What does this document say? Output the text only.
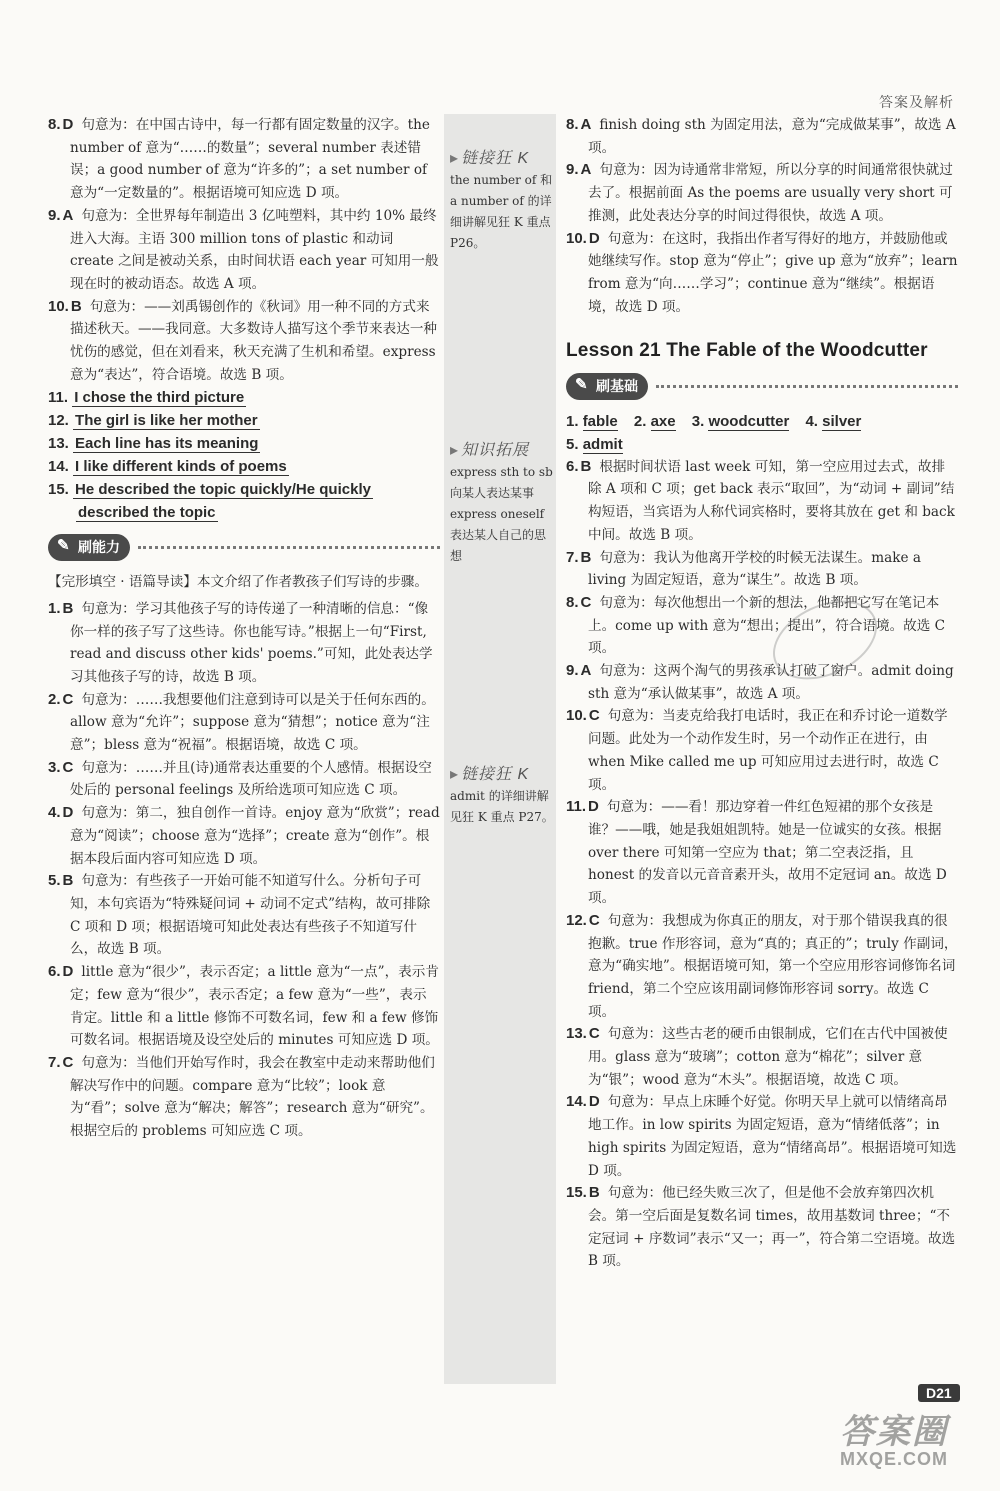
答案及解析
8. D 句意为：在中国古诗中，每一行都有固定数量的汉字。the number of 意为“……的数量”；several number 表述错误；a good number of 意为“许多的”；a set number of 意为“一定数量的”。根据语境可知应选 D 项。
9. A 句意为：全世界每年制造出 3 亿吨塑料，其中约 10% 最终进入大海。主语 300 million tons of plastic 和动词 create 之间是被动关系，由时间状语 each year 可知用一般现在时的被动语态。故选 A 项。
10. B 句意为：——刘禹锡创作的《秋词》用一种不同的方式来描述秋天。——我同意。大多数诗人描写这个季节来表达一种忧伤的感觉，但在刘看来，秋天充满了生机和希望。express 意为“表达”，符合语境。故选 B 项。
11. I chose the third picture
12. The girl is like her mother
13. Each line has its meaning
14. I like different kinds of poems
15. He described the topic quickly/He quickly
described the topic
✎ 刷能力
【完形填空 · 语篇导读】本文介绍了作者教孩子们写诗的步骤。
1. B 句意为：学习其他孩子写的诗传递了一种清晰的信息：“像你一样的孩子写了这些诗。你也能写诗。”根据上一句“First, read and discuss other kids' poems.”可知，此处表达学习其他孩子写的诗，故选 B 项。
2. C 句意为：……我想要他们注意到诗可以是关于任何东西的。allow 意为“允许”；suppose 意为“猜想”；notice 意为“注意”；bless 意为“祝福”。根据语境，故选 C 项。
3. C 句意为：……并且(诗)通常表达重要的个人感情。根据设空处后的 personal feelings 及所给选项可知应选 C 项。
4. D 句意为：第二，独自创作一首诗。enjoy 意为“欣赏”；read 意为“阅读”；choose 意为“选择”；create 意为“创作”。根据本段后面内容可知应选 D 项。
5. B 句意为：有些孩子一开始可能不知道写什么。分析句子可知，本句宾语为“特殊疑问词 + 动词不定式”结构，故可排除 C 项和 D 项；根据语境可知此处表达有些孩子不知道写什么，故选 B 项。
6. D little 意为“很少”，表示否定；a little 意为“一点”，表示肯定；few 意为“很少”，表示否定；a few 意为“一些”，表示肯定。little 和 a little 修饰不可数名词，few 和 a few 修饰可数名词。根据语境及设空处后的 minutes 可知应选 D 项。
7. C 句意为：当他们开始写作时，我会在教室中走动来帮助他们解决写作中的问题。compare 意为“比较”；look 意为“看”；solve 意为“解决；解答”；research 意为“研究”。根据空后的 problems 可知应选 C 项。
▸ 链接狂 K
the number of 和 a number of 的详细讲解见狂 K 重点 P26。
▸ 知识拓展
express sth to sb 向某人表达某事 express oneself 表达某人自己的思想
▸ 链接狂 K
admit 的详细讲解见狂 K 重点 P27。
8. A finish doing sth 为固定用法，意为“完成做某事”，故选 A 项。
9. A 句意为：因为诗通常非常短，所以分享的时间通常很快就过去了。根据前面 As the poems are usually very short 可推测，此处表达分享的时间过得很快，故选 A 项。
10. D 句意为：在这时，我指出作者写得好的地方，并鼓励他或她继续写作。stop 意为“停止”；give up 意为“放弃”；learn from 意为“向……学习”；continue 意为“继续”。根据语境，故选 D 项。
Lesson 21 The Fable of the Woodcutter
✎ 刷基础
1. fable 2. axe 3. woodcutter 4. silver
5. admit
6. B 根据时间状语 last week 可知，第一空应用过去式，故排除 A 项和 C 项；get back 表示“取回”，为“动词 + 副词”结构短语，当宾语为人称代词宾格时，要将其放在 get 和 back 中间。故选 B 项。
7. B 句意为：我认为他离开学校的时候无法谋生。make a living 为固定短语，意为“谋生”。故选 B 项。
8. C 句意为：每次他想出一个新的想法，他都把它写在笔记本上。come up with 意为“想出；提出”，符合语境。故选 C 项。
9. A 句意为：这两个淘气的男孩承认打破了窗户。admit doing sth 意为“承认做某事”，故选 A 项。
10. C 句意为：当麦克给我打电话时，我正在和乔讨论一道数学问题。此处为一个动作发生时，另一个动作正在进行，由 when Mike called me up 可知应用过去进行时，故选 C 项。
11. D 句意为：——看！那边穿着一件红色短裙的那个女孩是谁？——哦，她是我姐姐凯特。她是一位诚实的女孩。根据 over there 可知第一空应为 that；第二空表泛指，且 honest 的发音以元音音素开头，故用不定冠词 an。故选 D 项。
12. C 句意为：我想成为你真正的朋友，对于那个错误我真的很抱歉。true 作形容词，意为“真的；真正的”；truly 作副词，意为“确实地”。根据语境可知，第一个空应用形容词修饰名词 friend，第二个空应该用副词修饰形容词 sorry。故选 C 项。
13. C 句意为：这些古老的硬币由银制成，它们在古代中国被使用。glass 意为“玻璃”；cotton 意为“棉花”；silver 意为“银”；wood 意为“木头”。根据语境，故选 C 项。
14. D 句意为：早点上床睡个好觉。你明天早上就可以情绪高昂地工作。in low spirits 为固定短语，意为“情绪低落”；in high spirits 为固定短语，意为“情绪高昂”。根据语境可知选 D 项。
15. B 句意为：他已经失败三次了，但是他不会放弃第四次机会。第一空后面是复数名词 times，故用基数词 three；“不定冠词 + 序数词”表示“又一；再一”，符合第二空语境。故选 B 项。
D21
答案圈
MXQE.COM
